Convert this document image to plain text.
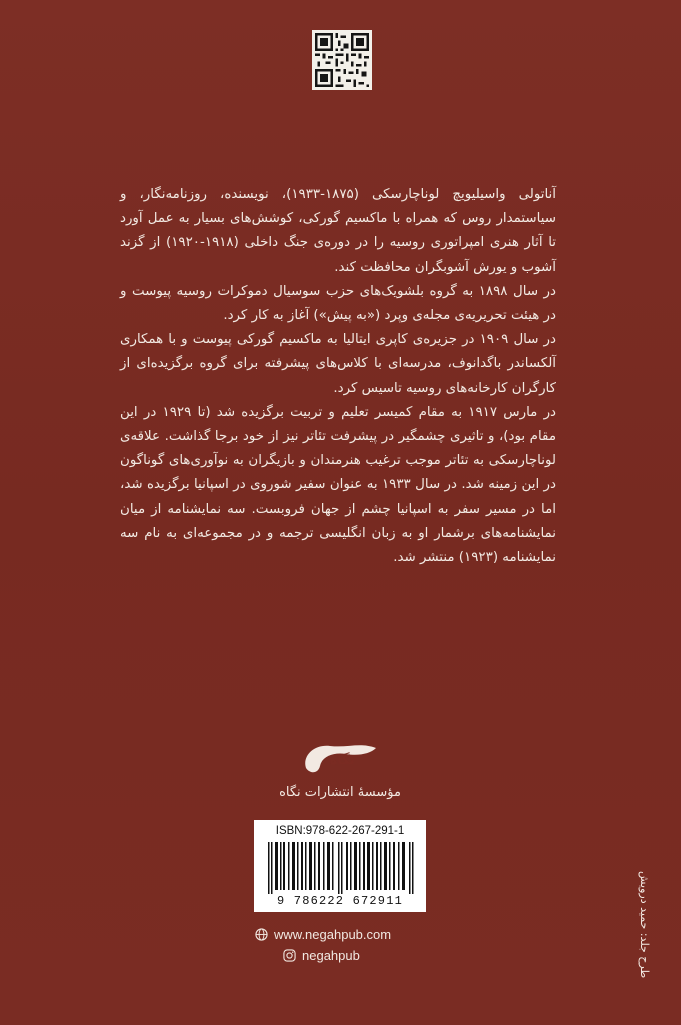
آناتولی واسیلیویچ لوناچارسکی (۱۸۷۵-۱۹۳۳)، نویسنده، روزنامه‌نگار، و سیاستمدار روس که همراه با ماکسیم گورکی، کوشش‌های بسیار به عمل آورد تا آثار هنری امپراتوری روسیه را در دوره‌ی جنگ داخلی (۱۹۱۸-۱۹۲۰) از گزند آشوب و یورش آشوبگران محافظت کند.

در سال ۱۸۹۸ به گروه بلشویک‌های حزب سوسیال دموکرات روسیه پیوست و در هیئت تحریریه‌ی مجله‌ی وپرد («به پیش») آغاز به کار کرد.

در سال ۱۹۰۹ در جزیره‌ی کاپری ایتالیا به ماکسیم گورکی پیوست و با همکاری آلکساندر باگدانوف، مدرسه‌ای با کلاس‌های پیشرفته برای گروه برگزیده‌ای از کارگران کارخانه‌های روسیه تاسیس کرد.

در مارس ۱۹۱۷ به مقام کمیسر تعلیم و تربیت برگزیده شد (تا ۱۹۲۹ در این مقام بود)، و تاثیری چشمگیر در پیشرفت تئاتر نیز از خود برجا گذاشت. علاقه‌ی لوناچارسکی به تئاتر موجب ترغیب هنرمندان و بازیگران به نوآوری‌های گوناگون در این زمینه شد. در سال ۱۹۳۳ به عنوان سفیر شوروی در اسپانیا برگزیده شد، اما در مسیر سفر به اسپانیا چشم از جهان فروبست. سه نمایشنامه از میان نمایشنامه‌های برشمار او به زبان انگلیسی ترجمه و در مجموعه‌ای به نام سه نمایشنامه (۱۹۲۳) منتشر شد.

نگاه
مؤسسهٔ انتشارات نگاه
ISBN:978-622-267-291-1
9 786222 672911
www.negahpub.com
negahpub	طرح جلد: حمید درویش
